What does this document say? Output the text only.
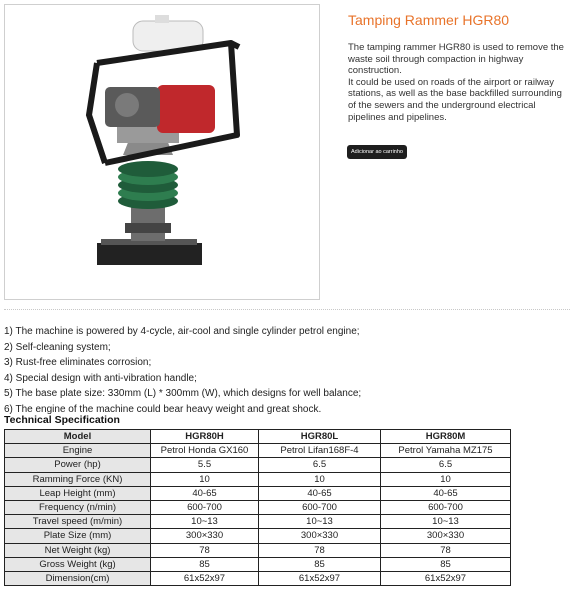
Tamping Rammer HGR80

The tamping rammer HGR80 is used to remove the waste soil through compaction in highway construction.

It could be used on roads of the airport or railway stations, as well as the base backfilled surrounding of the sewers and the underground electrical pipelines and pipelines.

Adicionar ao carrinho
1) The machine is powered by 4-cycle, air-cool and single cylinder petrol engine;
2) Self-cleaning system;
3) Rust-free eliminates corrosion;
4) Special design with anti-vibration handle;
5) The base plate size: 330mm (L) * 300mm (W), which designs for well balance;
6) The engine of the machine could bear heavy weight and great shock.
Technical Specification
Model	HGR80H	HGR80L	HGR80M
Engine	Petrol Honda GX160	Petrol Lifan168F-4	Petrol Yamaha MZ175
Power (hp)	5.5	6.5	6.5
Ramming Force (KN)	10	10	10
Leap Height (mm)	40-65	40-65	40-65
Frequency (n/min)	600-700	600-700	600-700
Travel speed (m/min)	10~13	10~13	10~13
Plate Size (mm)	300×330	300×330	300×330
Net Weight (kg)	78	78	78
Gross Weight (kg)	85	85	85
Dimension(cm)	61x52x97	61x52x97	61x52x97
